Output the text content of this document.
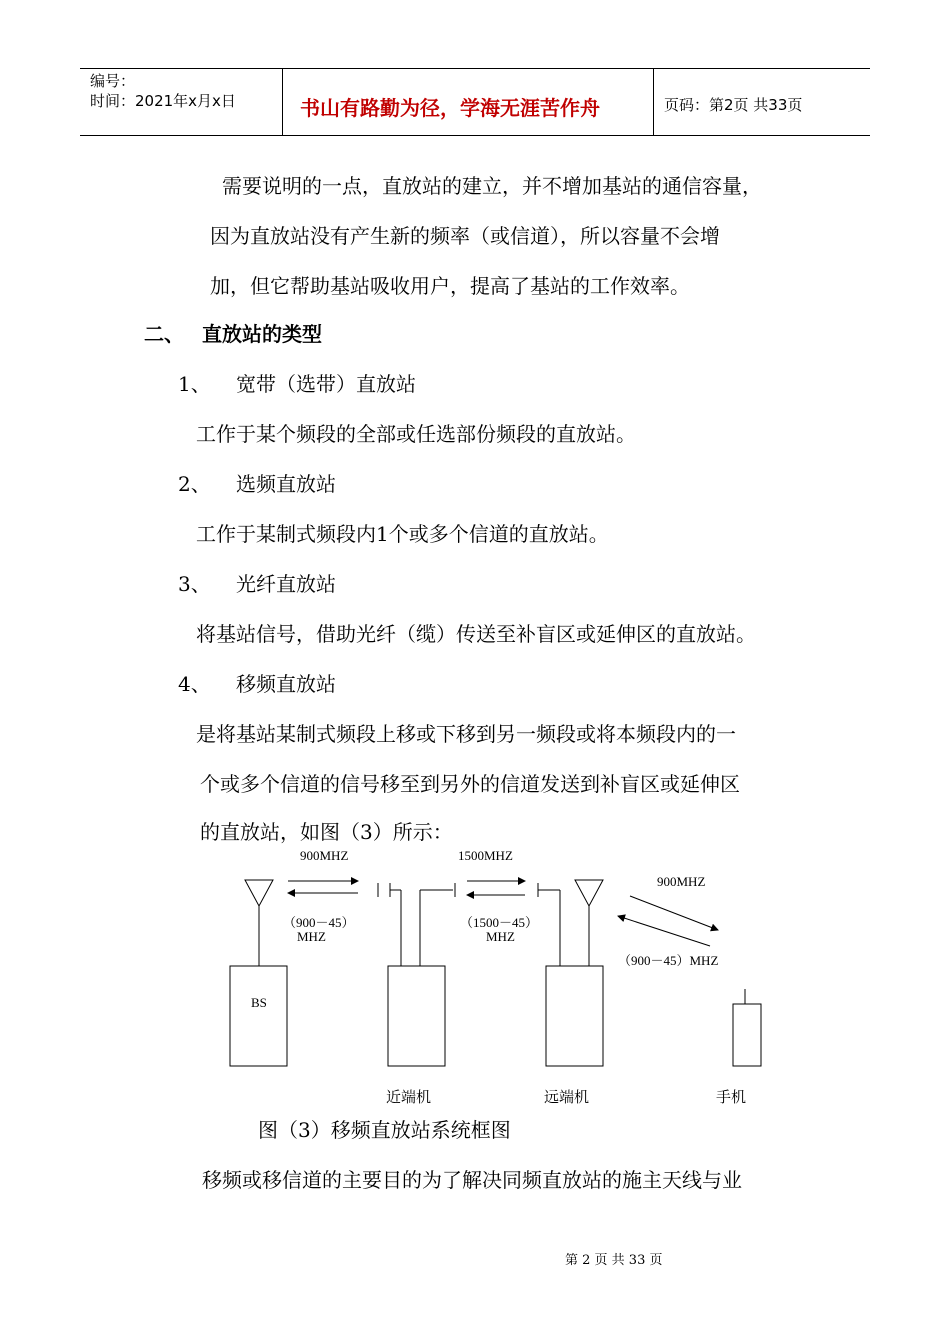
编号：
时间：2021年x月x日	书山有路勤为径，学海无涯苦作舟	页码：第2页 共33页
需要说明的一点，直放站的建立，并不增加基站的通信容量，
因为直放站没有产生新的频率（或信道），所以容量不会增
加，但它帮助基站吸收用户，提高了基站的工作效率。
二、 直放站的类型
1、 宽带（选带）直放站
工作于某个频段的全部或任选部份频段的直放站。
2、 选频直放站
工作于某制式频段内1个或多个信道的直放站。
3、 光纤直放站
将基站信号，借助光纤（缆）传送至补盲区或延伸区的直放站。
4、 移频直放站
是将基站某制式频段上移或下移到另一频段或将本频段内的一
个或多个信道的信号移至到另外的信道发送到补盲区或延伸区
的直放站，如图（3）所示：
900MHZ	1500MHZ
900MHZ
（900－45）
MHZ
（1500－45）
MHZ
（900－45）MHZ
BS
近端机	远端机	手机
图（3）移频直放站系统框图
移频或移信道的主要目的为了解决同频直放站的施主天线与业
第 2 页 共 33 页
